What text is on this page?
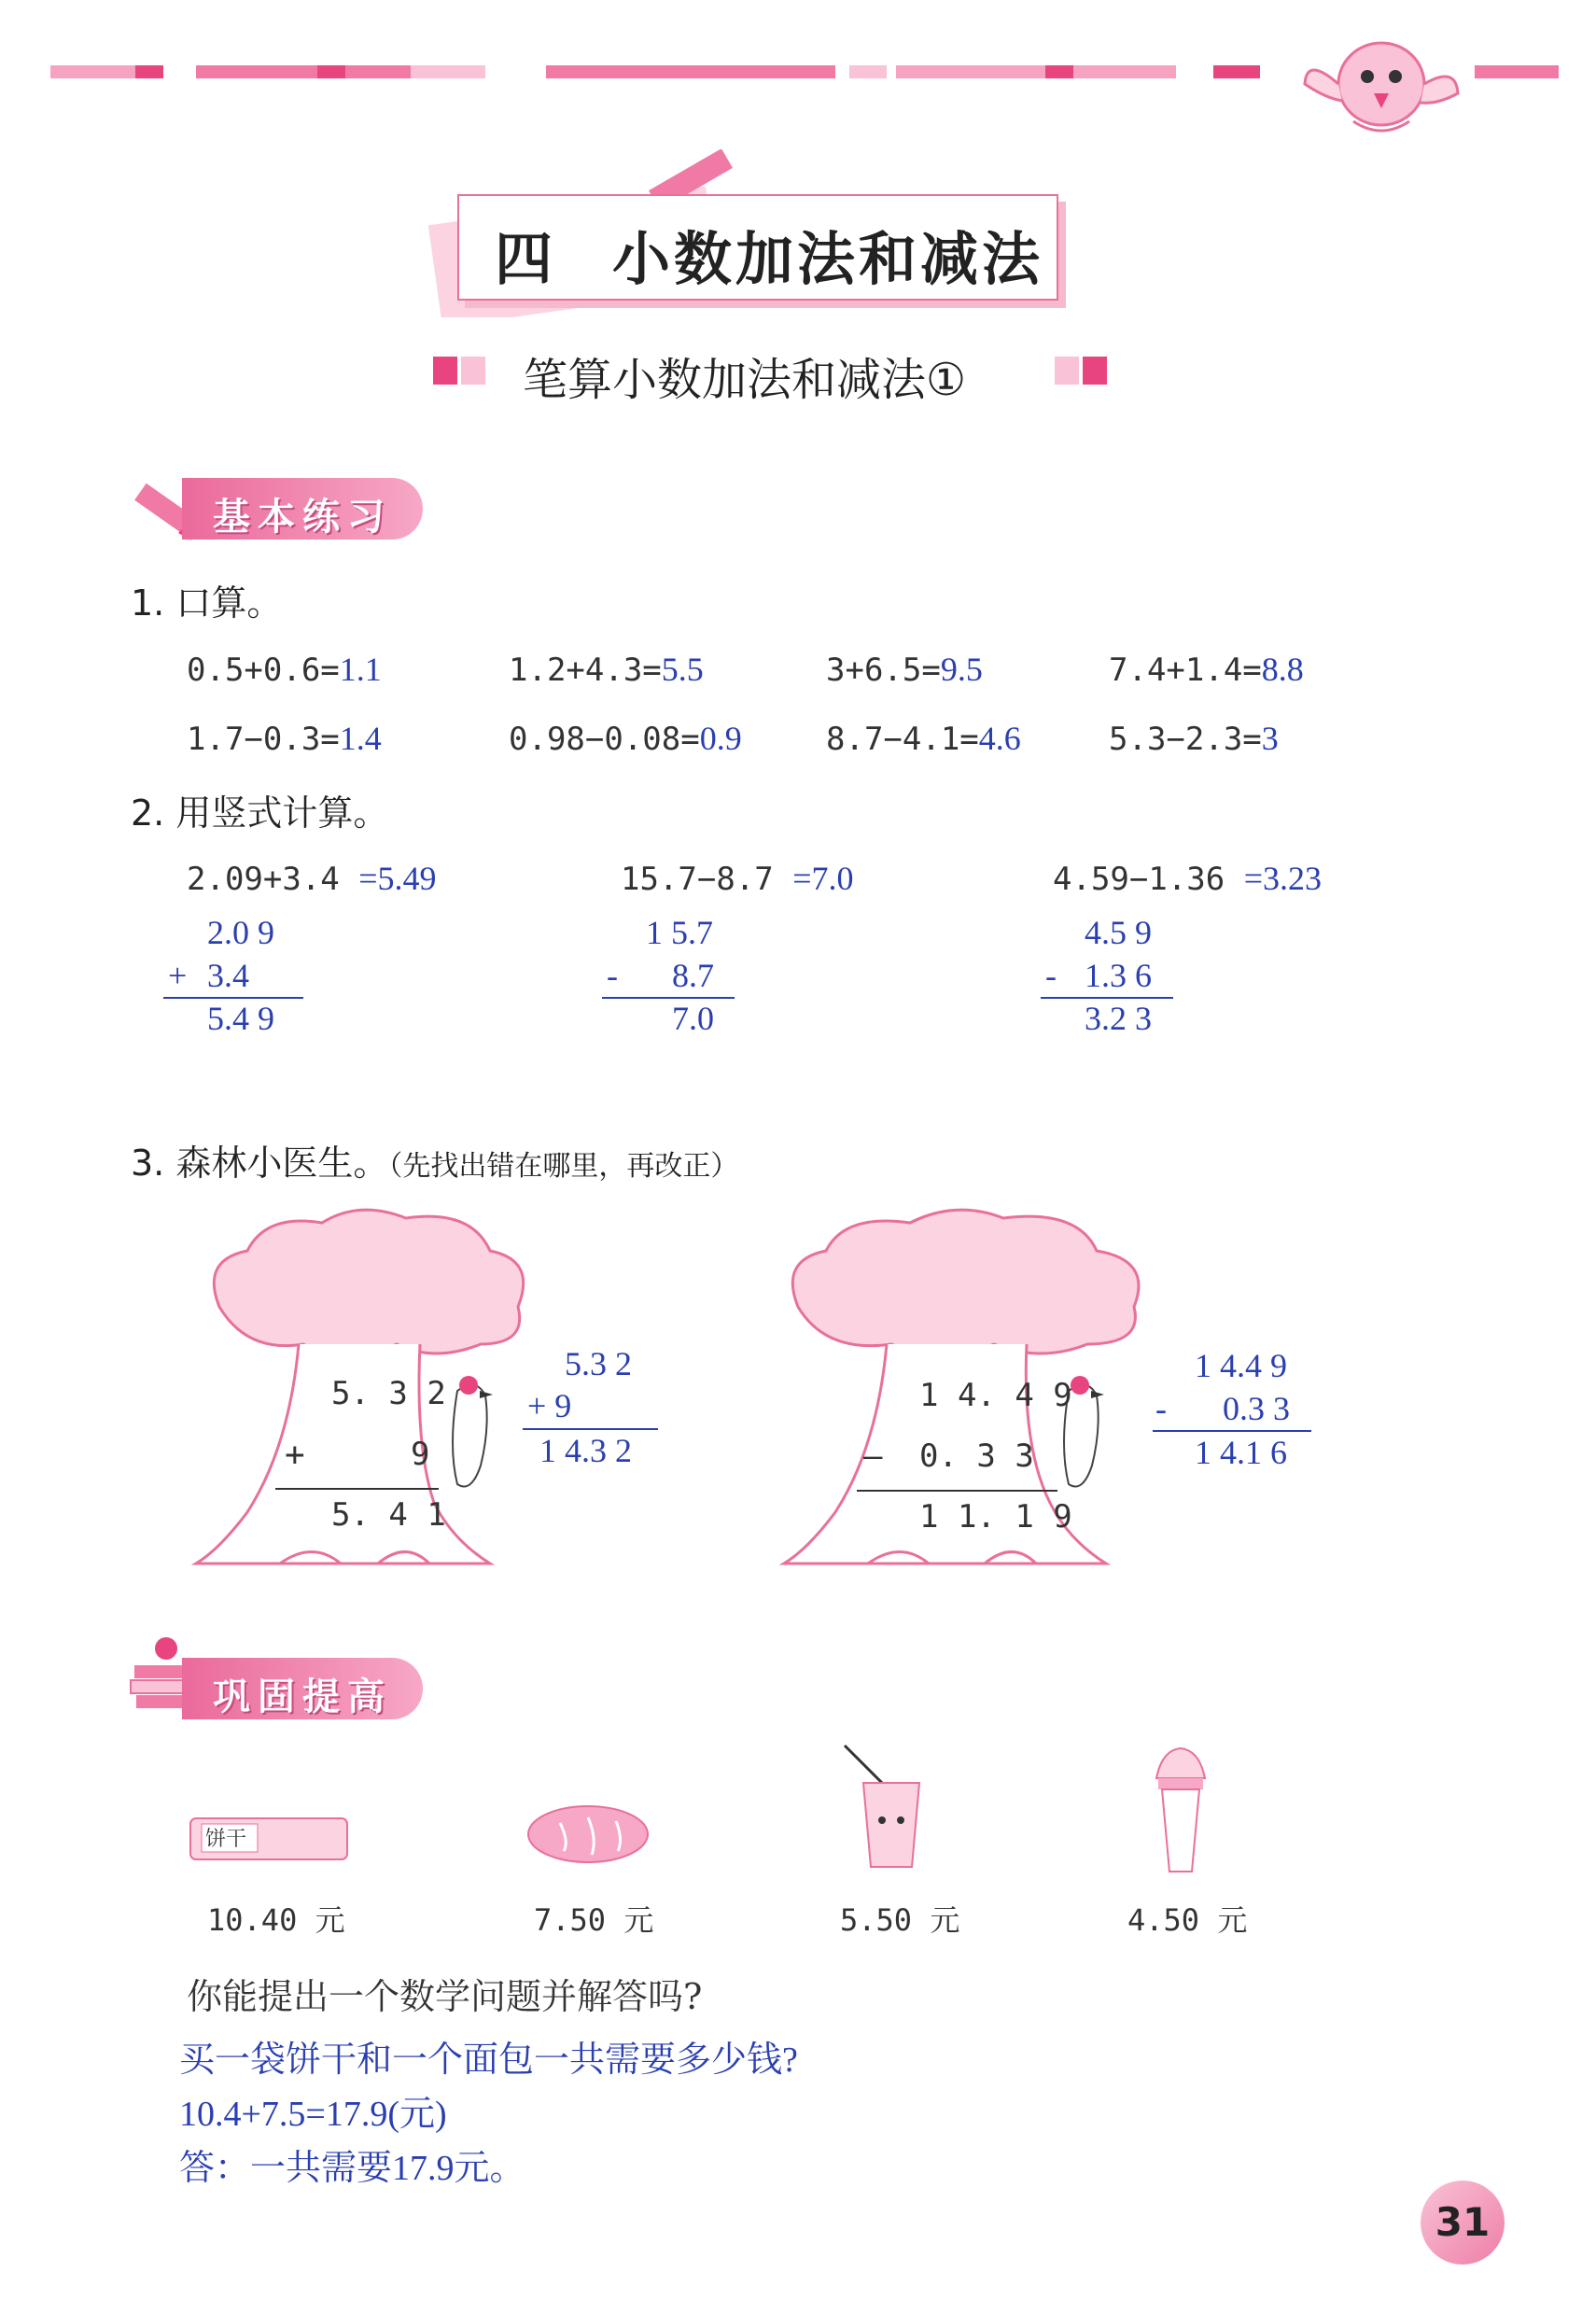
四 小数加法和减法
笔算小数加法和减法①
基本练习
1. 口算。
0.5+0.6=1.1	1.2+4.3=5.5	3+6.5=9.5	7.4+1.4=8.8
1.7−0.3=1.4	0.98−0.08=0.9	8.7−4.1=4.6	5.3−2.3=3
2. 用竖式计算。
2.09+3.4 =5.49
2.0 9
+ 3.4
5.4 9
15.7−8.7 =7.0
1 5.7
- 8.7
7.0
4.59−1.36 =3.23
4.5 9
- 1.3 6
3.2 3
3. 森林小医生。（先找出错在哪里，再改正）
5. 3 2
+	9
5. 4 1
5.3 2
+ 9
1 4.3 2
1 4. 4 9
— 0. 3 3
1 1. 1 9
1 4.4 9
- 0.3 3
1 4.1 6
巩固提高
饼干
10.40 元	7.50 元	5.50 元	4.50 元
你能提出一个数学问题并解答吗?
买一袋饼干和一个面包一共需要多少钱?
10.4+7.5=17.9(元)
答：一共需要17.9元。
31
